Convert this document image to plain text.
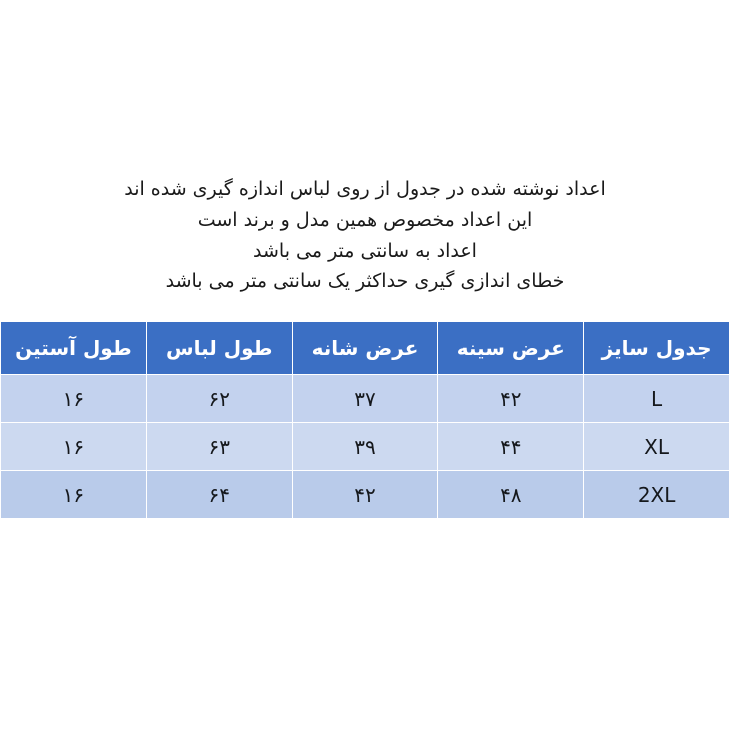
اعداد نوشته شده در جدول از روی لباس اندازه گیری شده اند
این اعداد مخصوص همین مدل و برند است
اعداد به سانتی متر می باشد
خطای اندازی گیری حداکثر یک سانتی متر می باشد
جدول سایز	عرض سینه	عرض شانه	طول لباس	طول آستین
L	۴۲	۳۷	۶۲	۱۶
XL	۴۴	۳۹	۶۳	۱۶
2XL	۴۸	۴۲	۶۴	۱۶
